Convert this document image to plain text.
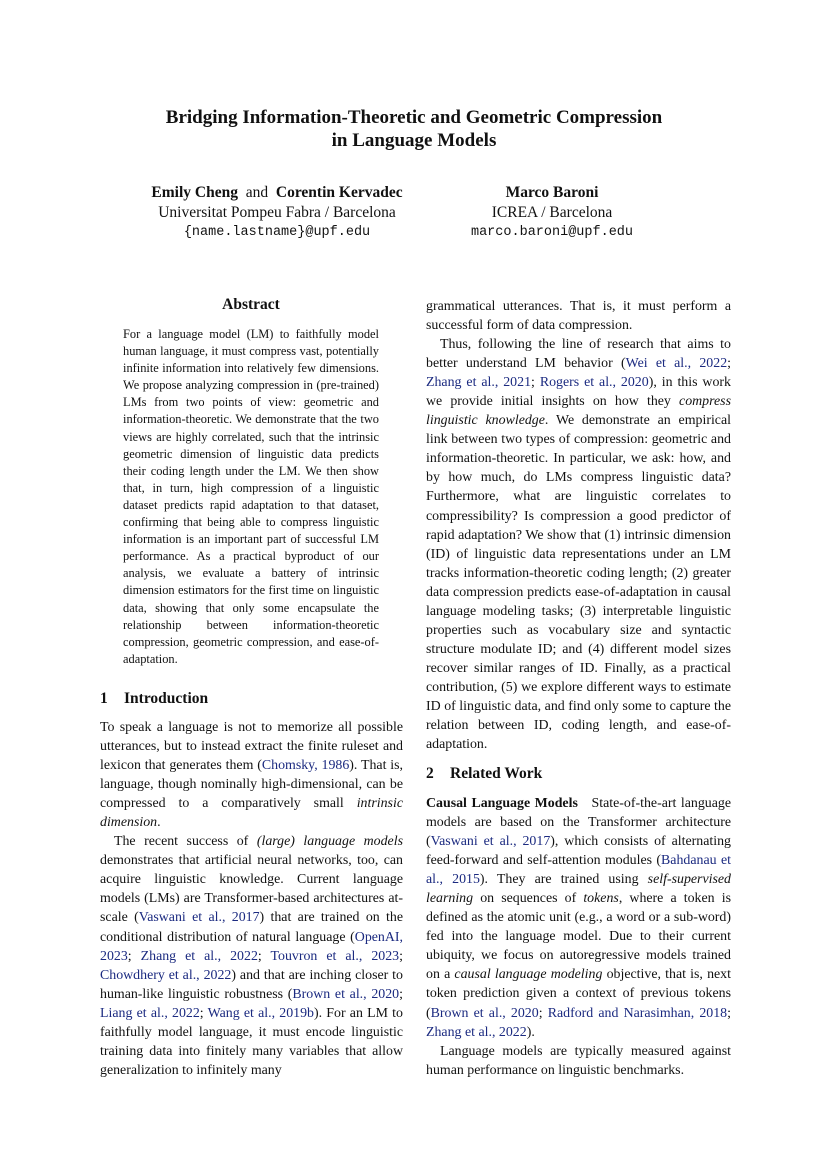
Bridging Information-Theoretic and Geometric Compression
in Language Models
Emily Cheng and Corentin Kervadec
Universitat Pompeu Fabra / Barcelona
{name.lastname}@upf.edu
Marco Baroni
ICREA / Barcelona
marco.baroni@upf.edu
Abstract
For a language model (LM) to faithfully model human language, it must compress vast, potentially infinite information into relatively few dimensions. We propose analyzing compression in (pre-trained) LMs from two points of view: geometric and information-theoretic. We demonstrate that the two views are highly correlated, such that the intrinsic geometric dimension of linguistic data predicts their coding length under the LM. We then show that, in turn, high compression of a linguistic dataset predicts rapid adaptation to that dataset, confirming that being able to compress linguistic information is an important part of successful LM performance. As a practical byproduct of our analysis, we evaluate a battery of intrinsic dimension estimators for the first time on linguistic data, showing that only some encapsulate the relationship between information-theoretic compression, geometric compression, and ease-of-adaptation.
1 Introduction
To speak a language is not to memorize all possible utterances, but to instead extract the finite ruleset and lexicon that generates them (Chomsky, 1986). That is, language, though nominally high-dimensional, can be compressed to a comparatively small intrinsic dimension.
The recent success of (large) language models demonstrates that artificial neural networks, too, can acquire linguistic knowledge. Current language models (LMs) are Transformer-based architectures at-scale (Vaswani et al., 2017) that are trained on the conditional distribution of natural language (OpenAI, 2023; Zhang et al., 2022; Touvron et al., 2023; Chowdhery et al., 2022) and that are inching closer to human-like linguistic robustness (Brown et al., 2020; Liang et al., 2022; Wang et al., 2019b). For an LM to faithfully model language, it must encode linguistic training data into finitely many variables that allow generalization to infinitely many
grammatical utterances. That is, it must perform a successful form of data compression.
Thus, following the line of research that aims to better understand LM behavior (Wei et al., 2022; Zhang et al., 2021; Rogers et al., 2020), in this work we provide initial insights on how they compress linguistic knowledge. We demonstrate an empirical link between two types of compression: geometric and information-theoretic. In particular, we ask: how, and by how much, do LMs compress linguistic data? Furthermore, what are linguistic correlates to compressibility? Is compression a good predictor of rapid adaptation? We show that (1) intrinsic dimension (ID) of linguistic data representations under an LM tracks information-theoretic coding length; (2) greater data compression predicts ease-of-adaptation in causal language modeling tasks; (3) interpretable linguistic properties such as vocabulary size and syntactic structure modulate ID; and (4) different model sizes recover similar ranges of ID. Finally, as a practical contribution, (5) we explore different ways to estimate ID of linguistic data, and find only some to capture the relation between ID, coding length, and ease-of-adaptation.
2 Related Work
Causal Language Models State-of-the-art language models are based on the Transformer architecture (Vaswani et al., 2017), which consists of alternating feed-forward and self-attention modules (Bahdanau et al., 2015). They are trained using self-supervised learning on sequences of tokens, where a token is defined as the atomic unit (e.g., a word or a sub-word) fed into the language model. Due to their current ubiquity, we focus on autoregressive models trained on a causal language modeling objective, that is, next token prediction given a context of previous tokens (Brown et al., 2020; Radford and Narasimhan, 2018; Zhang et al., 2022).
Language models are typically measured against human performance on linguistic benchmarks.
